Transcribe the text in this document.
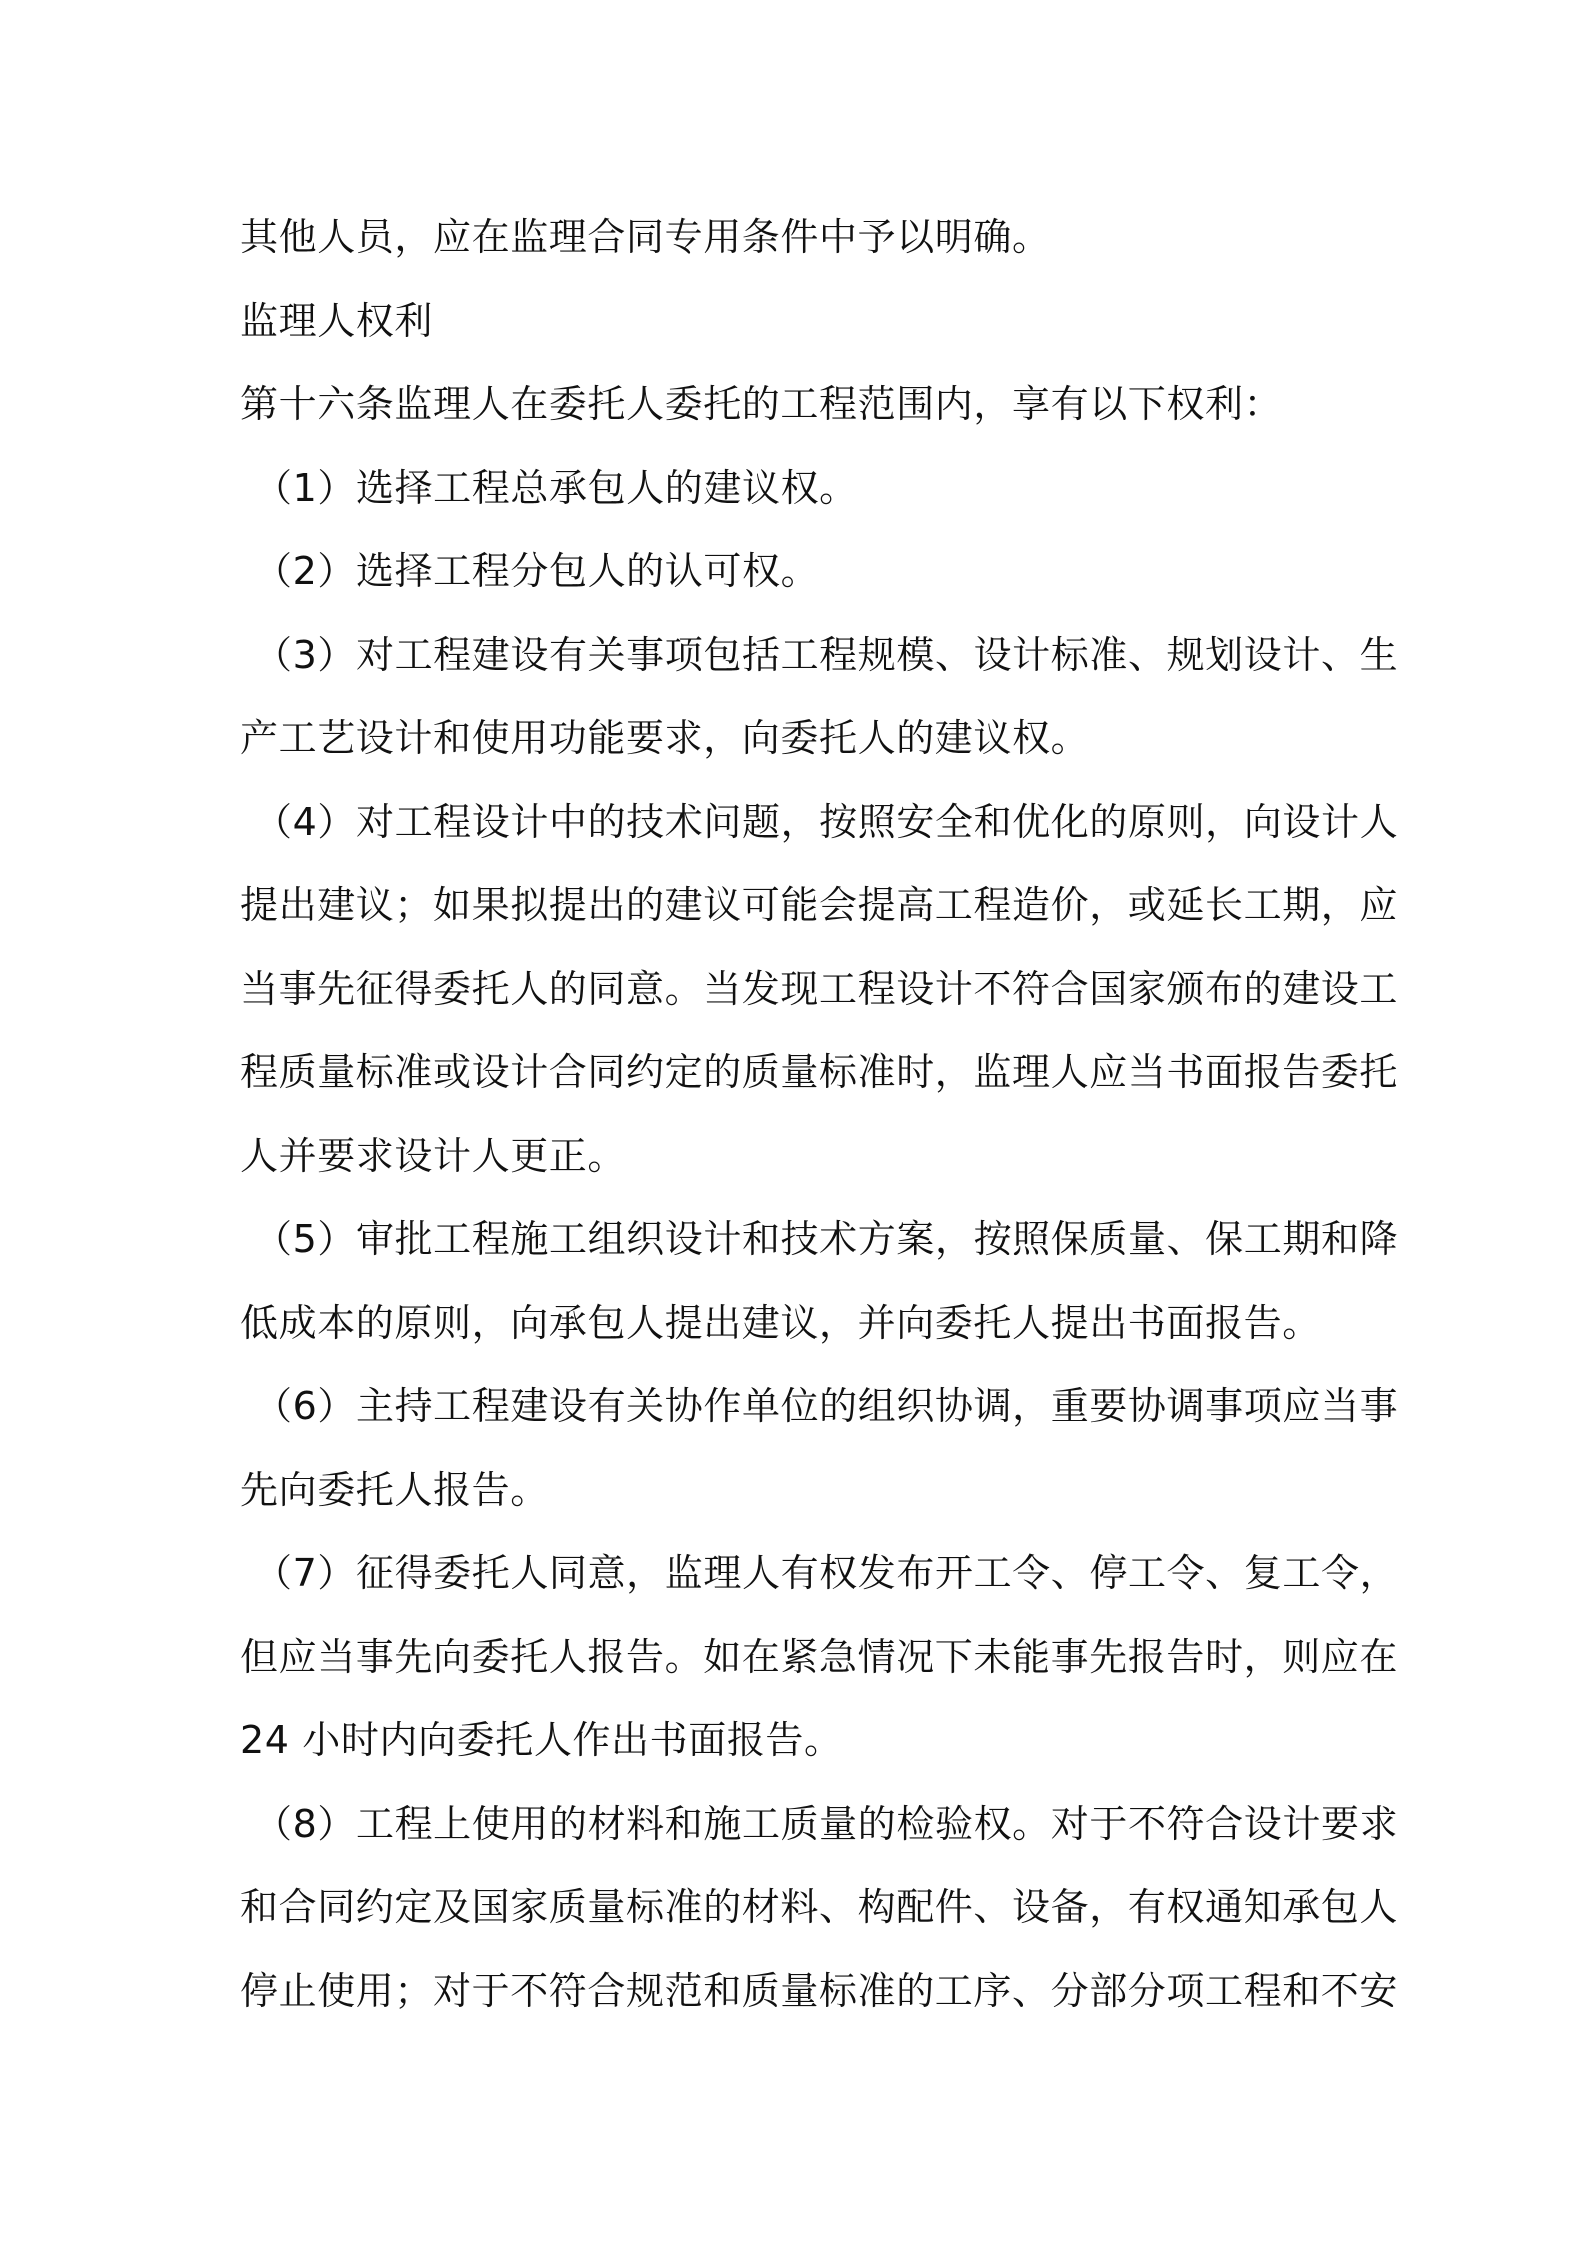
其他人员，应在监理合同专用条件中予以明确。
监理人权利
第十六条监理人在委托人委托的工程范围内，享有以下权利：
（1）选择工程总承包人的建议权。
（2）选择工程分包人的认可权。
（3）对工程建设有关事项包括工程规模、设计标准、规划设计、生
产工艺设计和使用功能要求，向委托人的建议权。
（4）对工程设计中的技术问题，按照安全和优化的原则，向设计人
提出建议；如果拟提出的建议可能会提高工程造价，或延长工期，应
当事先征得委托人的同意。当发现工程设计不符合国家颁布的建设工
程质量标准或设计合同约定的质量标准时，监理人应当书面报告委托
人并要求设计人更正。
（5）审批工程施工组织设计和技术方案，按照保质量、保工期和降
低成本的原则，向承包人提出建议，并向委托人提出书面报告。
（6）主持工程建设有关协作单位的组织协调，重要协调事项应当事
先向委托人报告。
（7）征得委托人同意，监理人有权发布开工令、停工令、复工令，
但应当事先向委托人报告。如在紧急情况下未能事先报告时，则应在
24 小时内向委托人作出书面报告。
（8）工程上使用的材料和施工质量的检验权。对于不符合设计要求
和合同约定及国家质量标准的材料、构配件、设备，有权通知承包人
停止使用；对于不符合规范和质量标准的工序、分部分项工程和不安
